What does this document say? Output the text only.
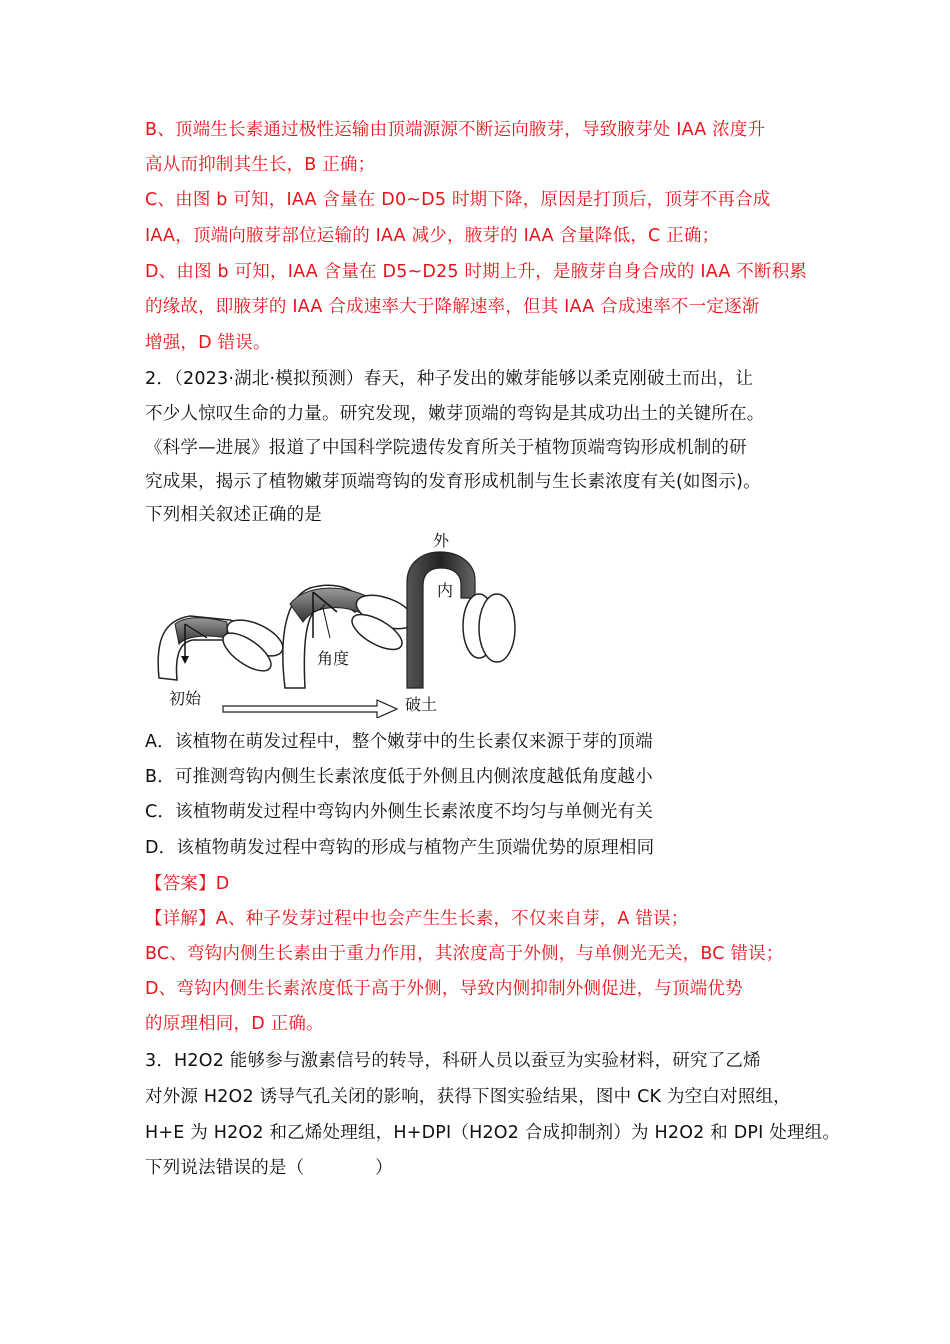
B、顶端生长素通过极性运输由顶端源源不断运向腋芽，导致腋芽处 IAA 浓度升
高从而抑制其生长，B 正确；
C、由图 b 可知，IAA 含量在 D0~D5 时期下降，原因是打顶后，顶芽不再合成
IAA，顶端向腋芽部位运输的 IAA 减少，腋芽的 IAA 含量降低，C 正确；
D、由图 b 可知，IAA 含量在 D5~D25 时期上升，是腋芽自身合成的 IAA 不断积累
的缘故，即腋芽的 IAA 合成速率大于降解速率，但其 IAA 合成速率不一定逐渐
增强，D 错误。
2．（2023·湖北·模拟预测）春天，种子发出的嫩芽能够以柔克刚破土而出，让
不少人惊叹生命的力量。研究发现，嫩芽顶端的弯钩是其成功出土的关键所在。
《科学—进展》报道了中国科学院遗传发育所关于植物顶端弯钩形成机制的研
究成果，揭示了植物嫩芽顶端弯钩的发育形成机制与生长素浓度有关(如图示)。
下列相关叙述正确的是
角度
外
内
破土
初始
A．该植物在萌发过程中，整个嫩芽中的生长素仅来源于芽的顶端
B．可推测弯钩内侧生长素浓度低于外侧且内侧浓度越低角度越小
C．该植物萌发过程中弯钩内外侧生长素浓度不均匀与单侧光有关
D．该植物萌发过程中弯钩的形成与植物产生顶端优势的原理相同
【答案】D
【详解】A、种子发芽过程中也会产生生长素，不仅来自芽，A 错误；
BC、弯钩内侧生长素由于重力作用，其浓度高于外侧，与单侧光无关，BC 错误；
D、弯钩内侧生长素浓度低于高于外侧，导致内侧抑制外侧促进，与顶端优势
的原理相同，D 正确。
3．H2O2 能够参与激素信号的转导，科研人员以蚕豆为实验材料，研究了乙烯
对外源 H2O2 诱导气孔关闭的影响，获得下图实验结果，图中 CK 为空白对照组，
H+E 为 H2O2 和乙烯处理组，H+DPI（H2O2 合成抑制剂）为 H2O2 和 DPI 处理组。
下列说法错误的是（　　　　）
